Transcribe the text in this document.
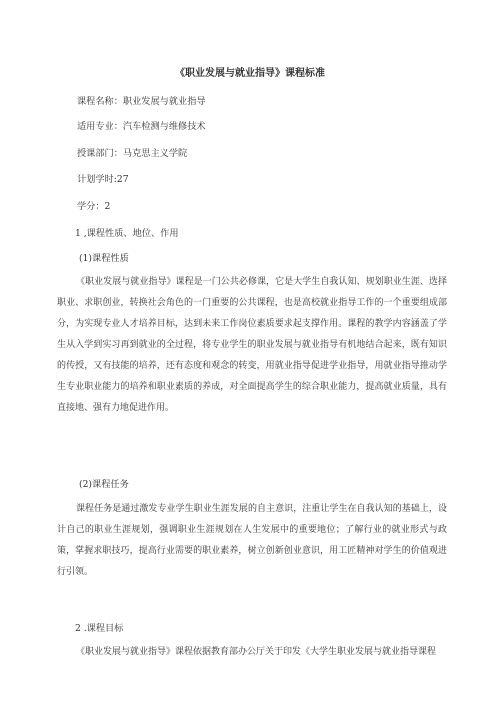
《职业发展与就业指导》课程标准
课程名称：职业发展与就业指导
适用专业：汽车检测与维修技术
授课部门：马克思主义学院
计划学时:27
学分：2
1 ,课程性质、地位、作用
(1)课程性质

《职业发展与就业指导》课程是一门公共必修课，它是大学生自我认知、规划职业生涯、选择职业、求职创业，转换社会角色的一门重要的公共课程，也是高校就业指导工作的一个重要组成部分，为实现专业人才培养目标，达到未来工作岗位素质要求起支撑作用。课程的教学内容涵盖了学生从入学到实习再到就业的全过程，将专业学生的职业发展与就业指导有机地结合起来，既有知识的传授，又有技能的培养，还有态度和观念的转变，用就业指导促进学业指导，用就业指导推动学生专业职业能力的培养和职业素质的养成，对全面提高学生的综合职业能力，提高就业质量，具有直接地、强有力地促进作用。

(2)课程任务

课程任务是通过激发专业学生职业生涯发展的自主意识，注重让学生在自我认知的基础上，设计自己的职业生涯规划，强调职业生涯规划在人生发展中的重要地位；了解行业的就业形式与政策，掌握求职技巧，提高行业需要的职业素养，树立创新创业意识，用工匠精神对学生的价值观进行引领。

2 .课程目标

《职业发展与就业指导》课程依据教育部办公厅关于印发《大学生职业发展与就业指导课程
